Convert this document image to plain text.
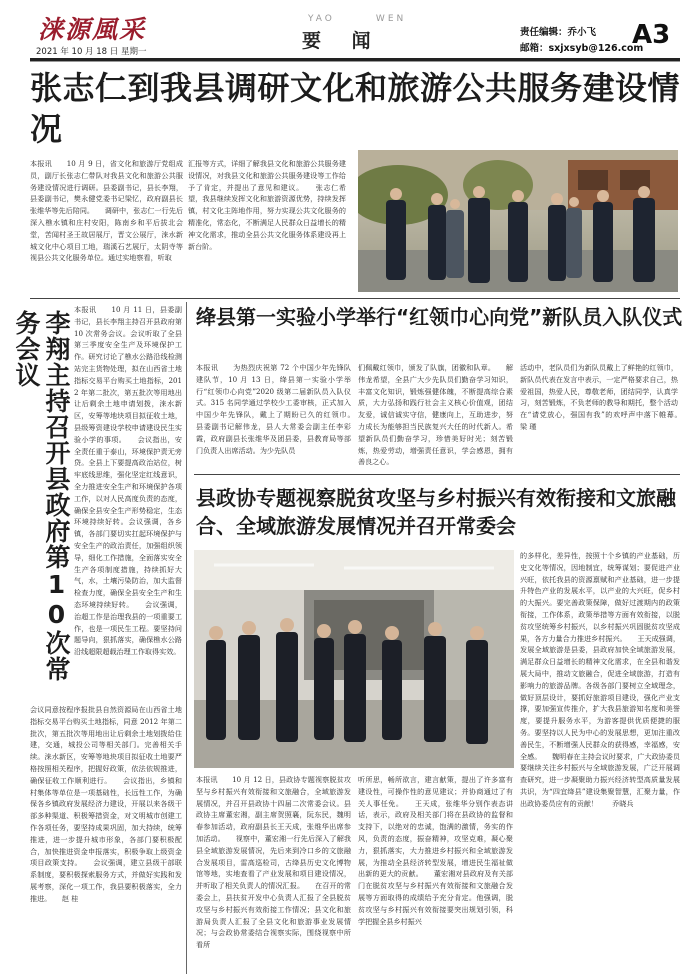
涞源風采
2021 年 10 月 18 日 星期一
YAO	WEN
要 闻	责任编辑：乔小飞
邮箱：sxjxsyb@126.com
A3
张志仁到我县调研文化和旅游公共服务建设情况
本报讯　　10 月 9 日，省文化和旅游厅党组成员，副厅长张志仁带队对我县文化和旅游公共服务建设情况进行调研。县委副书记，县长李翔，县委副书记，樊永健党委书记梁忆，政府副县长张维华等先后陪同。　　调研中，张志仁一行先后深入樵水镇和庄村安阳，陈南乡和平后拔北会堂，苦闻村圣王故居展厅，晋文公展厅，涞水新城文化中心项目工地，瑞溪石艺展厅，太阴寺等视县公共文化服务单位。通过实地察看，听取
汇报等方式，详细了解我县文化和旅游公共服务建设情况，对我县文化和旅游公共服务建设等工作给予了肯定，并提出了意见和建议。　　张志仁希望，我县继续发挥文化和旅游资源优势，持续发挥镇，村文化主阵地作用，努力实现公共文化服务的精准化，常态化，不断满足人民群众日益增长的精神文化需求，推动全县公共文化服务体系建设再上新台阶。
李翔主持召开县政府第10次常务会议
本报讯　　10 月 11 日，县委副书记，县长李翔主持召开县政府第 10 次常务会议。会议听取了全县第三季度安全生产及环境保护工作。研究讨论了樵水公路沿线检测站完主货物处理，拟在山西省土地指标交易平台购买土地指标，2012 年第二批次，第五批次等用地出让后剩余土地申请划拨，涞水新区，安筹等地块项目拟征收土地，县级筹资建设学校申请建设民生实验小学的事项。　　会议指出，安全责任重于泰山，环境保护责无旁贷。全县上下要提高政治站位，树牢底线思维，强化坚定红线意识，全力推进安全生产和环境保护各项工作，以对人民高度负责的态度，确保全县安全生产形势稳定，生态环境持续好转。会议强调，各乡镇，各部门要切实扛起环境保护与安全生产的政治责任，加强组织领导，细化工作措施，全面落实安全生产各项制度措施，持续抓好大气，水，土壤污染防治，加大监督检查力度，确保全县安全生产和生态环境持续好转。　　会议强调，治超工作是治理我县的一项重要工作，也是一项民生工程。要坚持问题导向，狠抓落实，确保樵水公路沿线超限超载治理工作取得实效。
会议同意按程序报批县自然资源局在山西省土地指标交易平台购买土地指标，同意 2012 年第二批次，第五批次等用地出让后剩余土地划拨给住建，交通，城投公司等相关部门。完善相关手续。涞水新区，安筹等地块项目拟征收土地要严格按照相关程序，把握好政策，依法依规推进，确保征收工作顺利进行。　　会议指出，乡镇和村集体等单位是一项基础性，长远性工作，为确保各乡镇政府发展经济力建设，开展以来各级干部多种渠道、积极筹措资金，对文明城市创建工作各项任务，要坚持成果巩固，加大持续，统筹推进，进一步提升城市形象，各部门要积极配合，加快推进资金申报落实，积极争取上级资金项目政策支持。　　会议强调，建立县级干部联系制度，要积极探索服务方式，并做好实践和发展考察，深化一项工作，我县要积极落实，全力推进。　　赵 桂
绛县第一实验小学举行“红领巾心向党”新队员入队仪式
本报讯　　为热烈庆祝第 72 个中国少年先锋队建队节，10 月 13 日，绛县第一实验小学举行“红领巾心向党”2020 级第二届新队员入队仪式。315 名同学通过学校少工委审核，正式加入中国少年先锋队，戴上了期盼已久的红领巾。　　县委副书记解伟龙，县人大常委会副主任李彩霞，政府副县长张维华及团县委，县教育局等部门负责人出席活动。为少先队员
们佩戴红领巾，颁发了队旗，团徽和队章。　　解伟龙希望，全县广大少先队员们勤奋学习知识，丰富文化知识，锻炼强健体魄，不断提高综合素质，大力弘扬和践行社会主义核心价值观，团结友爱，诚信诚实守信，健康向上，互助进步，努力成长为能够担当民族复兴大任的时代新人。希望新队员们勤奋学习，珍惜美好时光；刻苦锻炼，热爱劳动，增强责任意识，学会感恩，拥有善良之心。
活动中，老队员们为新队员戴上了鲜艳的红领巾，新队员代表在发言中表示，一定严格要求自己，热爱祖国，热爱人民，尊敬老师，团结同学，认真学习，刻苦锻炼，不负老师的教导和期托，整个活动在“请党放心，强国有我”的欢呼声中落下帷幕。　　梁 瑾
县政协专题视察脱贫攻坚与乡村振兴有效衔接和文旅融合、全域旅游发展情况并召开常委会
的多样化，差异性，按照十个乡镇的产业基础，历史文化等情况，因地制宜，统筹谋划；要促进产业兴旺，依托我县的资源禀赋和产业基础，进一步提升特色产业的发展水平，以产业的大兴旺，促乡村的大振兴。要完善政策保障，做好过渡期内的政策衔接，工作体系，政策举措等方面有效衔接，以脱贫攻坚统筹乡村振兴，以乡村振兴巩固脱贫攻坚成果，各方力量合力推进乡村振兴。　　王天成强调，发展全域旅游是县委，县政府加快全域旅游发展，满足群众日益增长的精神文化需求，在全县和谐发展大局中，推动文旅融合，促进全域旅游，打造有影响力的旅游品牌。各级各部门要树立全域理念，做好顶层设计，要抓好旅游项目建设，强化产业支撑，要加强宣传推介，扩大我县旅游知名度和美誉度，要提升服务水平，为游客提供优质便捷的服务。要坚持以人民为中心的发展思想，更加注重改善民生，不断增强人民群众的获得感，幸福感，安全感。　　魏明春在主持会议时要求，广大政协委员要继续关注乡村振兴与全域旅游发展，广泛开展调查研究，进一步凝聚助力振兴经济转型高质量发展共识，为“四宜绛县”建设集聚智慧，汇聚力量，作出政协委员应有的贡献！　　乔晓兵
本报讯　　10 月 12 日，县政协专题视察脱贫攻坚与乡村振兴有效衔接和文旅融合，全域旅游发展情况，并召开县政协十四届二次常委会议。县政协主席董宏湘，副主席贺照襄，阮东民，魏明春参加活动，政府副县长王天成，张维华出席参加活动。　　视察中，董宏湘一行先后深入了解我县全域旅游发展情况，先后来到冷口乡的文旅融合发展项目，雷高巡检司，古绛县历史文化博物馆等地，实地查看了产业发展和项目建设情况，并听取了相关负责人的情况汇报。　　在召开的常委会上，县扶贫开发中心负责人汇报了全县脱贫攻坚与乡村振兴有效衔接工作情况；县文化和旅游局负责人汇报了全县文化和旅游事业发展情况；与会政协常委结合视察实际，围绕视察中所看所
听所思，畅所欲言，建言献策，提出了许多富有建设性，可操作性的意见建议；并协商通过了有关人事任免。　　王天成，张维华分别作表态讲话，表示，政府及相关部门将在县政协的监督和支持下，以绝对的忠诚，饱满的激情，务实的作风，负责的态度，振奋精神，攻坚克难，凝心聚力，狠抓落实，大力推进乡村振兴和全域旅游发展，为推动全县经济转型发展，增进民生福祉做出新的更大的贡献。　　董宏湘对县政府及有关部门在脱贫攻坚与乡村振兴有效衔接和文旅融合发展等方面取得的成绩给予充分肯定。他强调，脱贫攻坚与乡村振兴有效衔接要突出规划引领，科学把握全县乡村振兴
